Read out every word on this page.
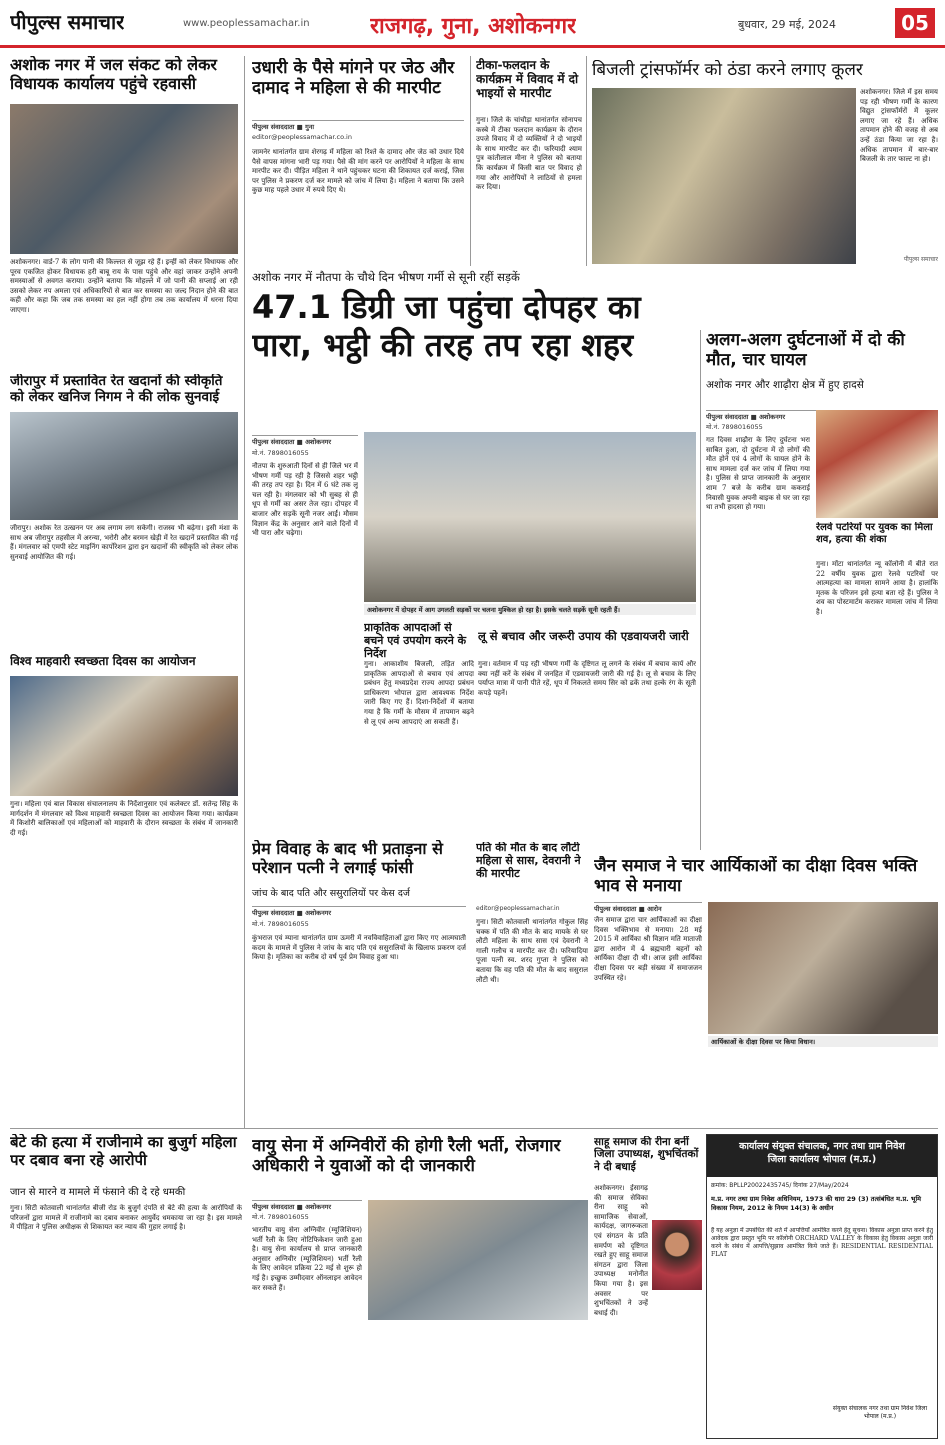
पीपुल्स समाचार	www.peoplessamachar.in	राजगढ़, गुना, अशोकनगर	बुधवार, 29 मई, 2024	05
अशोक नगर में जल संकट को लेकर विधायक कार्यालय पहुंचे रहवासी
अशोकनगर। वार्ड-7 के लोग पानी की किल्लत से जूझ रहे हैं। इन्हीं को लेकर विधायक और पूरव एकजित होकर विधायक हरी बाबू राय के पास पहुंचे और वहां जाकर उन्होंने अपनी समस्याओं से अवगत कराया। उन्होंने बताया कि मोहल्ले में जो पानी की सप्लाई आ रही उसको लेकर नप अमला एवं अधिकारियों से बात कर समस्या का जल्द निदान होने की बात कही और कहा कि जब तक समस्या का हल नहीं होगा तब तक कार्यालय में धरना दिया जाएगा।
उधारी के पैसे मांगने पर जेठ और दामाद ने महिला से की मारपीट
पीपुल्स संवाददाता ■ गुना
editor@peoplessamachar.co.in
जामनेर थानांतर्गत ग्राम शेरगढ़ में महिला को रिश्ते के दामाद और जेठ को उधार दिये पैसे वापस मांगना भारी पड़ गया। पैसे की मांग करने पर आरोपियों ने महिला के साथ मारपीट कर दी। पीड़ित महिला ने थाने पहुंचकर घटना की शिकायत दर्ज कराई, जिस पर पुलिस ने प्रकरण दर्ज कर मामले को जांच में लिया है। महिला ने बताया कि उसने कुछ माह पहले उधार में रुपये दिए थे।
टीका-फलदान के कार्यक्रम में विवाद में दो भाइयों से मारपीट
गुना। जिले के चांचौड़ा थानांतर्गत सोनापच कस्बे में टीका फलदान कार्यक्रम के दौरान उपजे विवाद में दो व्यक्तियों ने दो भाइयों के साथ मारपीट कर दी। फरियादी श्याम पुत्र कांतीलाल मीना ने पुलिस को बताया कि कार्यक्रम में किसी बात पर विवाद हो गया और आरोपियों ने लाठियों से हमला कर दिया।
बिजली ट्रांसफॉर्मर को ठंडा करने लगाए कूलर
अशोकनगर। जिले में इस समय पड़ रही भीषण गर्मी के कारण विद्युत ट्रांसफॉर्मरों में कूलर लगाए जा रहे हैं। अधिक तापमान होने की वजह से अब उन्हें ठंडा किया जा रहा है। अधिक तापमान में बार-बार बिजली के तार फाल्ट ना हो।
पीपुल्स समाचार
जीरापुर में प्रस्तावित रेत खदानों की स्वीकृति को लेकर खनिज निगम ने की लोक सुनवाई
जीरापुर। अशोक रेत उत्खनन पर अब लगाम लग सकेगी। राजस्व भी बढ़ेगा। इसी मंशा के साथ अब जीरापुर तहसील में अरन्या, भरोरी और बरमन खेड़ी में रेत खदानें प्रस्तावित की गई हैं। मंगलवार को एमपी स्टेट माइनिंग कार्पोरेशन द्वारा इन खदानों की स्वीकृति को लेकर लोक सुनवाई आयोजित की गई।
अशोक नगर में नौतपा के चौथे दिन भीषण गर्मी से सूनी रहीं सड़कें
47.1 डिग्री जा पहुंचा दोपहर का पारा, भट्ठी की तरह तप रहा शहर
पीपुल्स संवाददाता ■ अशोकनगर
मो.नं. 7898016055
नौतपा के शुरुआती दिनों से ही जिले भर में भीषण गर्मी पड़ रही है जिससे शहर भट्ठी की तरह तप रहा है। दिन में 6 घंटे तक लू चल रही है। मंगलवार को भी सुबह से ही धूप से गर्मी का असर तेज रहा। दोपहर में बाजार और सड़कें सूनी नजर आईं। मौसम विज्ञान केंद्र के अनुसार आने वाले दिनों में भी पारा और चढ़ेगा।
अशोकनगर में दोपहर में आग उगलती सड़कों पर चलना मुश्किल हो रहा है। इसके चलते सड़कें सूनी रहती हैं।
प्राकृतिक आपदाओं से बचने एवं उपयोग करने के निर्देश
गुना। आकाशीय बिजली, तड़ित आदि प्राकृतिक आपदाओं से बचाव एवं आपदा प्रबंधन हेतु मध्यप्रदेश राज्य आपदा प्रबंधन प्राधिकरण भोपाल द्वारा आवश्यक निर्देश जारी किए गए हैं। दिशा-निर्देशों में बताया गया है कि गर्मी के मौसम में तापमान बढ़ने से लू एवं अन्य आपदाएं आ सकती हैं।
लू से बचाव और जरूरी उपाय की एडवायजरी जारी
गुना। वर्तमान में पड़ रही भीषण गर्मी के दृष्टिगत लू लगने के संबंध में बचाव कार्य और क्या नहीं करें के संबंध में जनहित में एडवायजरी जारी की गई है। लू से बचाव के लिए पर्याप्त मात्रा में पानी पीते रहें, धूप में निकलते समय सिर को ढकें तथा हल्के रंग के सूती कपड़े पहनें।
अलग-अलग दुर्घटनाओं में दो की मौत, चार घायल
अशोक नगर और शाढ़ौरा क्षेत्र में हुए हादसे
पीपुल्स संवाददाता ■ अशोकनगर
मो.नं. 7898016055
गत दिवस शाढ़ौरा के लिए दुर्घटना भरा साबित हुआ, दो दुर्घटना में दो लोगों की मौत होने एवं 4 लोगों के घायल होने के साथ मामला दर्ज कर जांच में लिया गया है। पुलिस से प्राप्त जानकारी के अनुसार शाम 7 बजे के करीब ग्राम ककराई निवासी युवक अपनी बाइक से घर जा रहा था तभी हादसा हो गया।
रेलवे पटरियों पर युवक का मिला शव, हत्या की शंका
गुना। मोंटा थानांतर्गत न्यू कॉलोनी में बीते रात 22 वर्षीय युवक द्वारा रेलवे पटरियों पर आत्महत्या का मामला सामने आया है। हालांकि मृतक के परिजन इसे हत्या बता रहे हैं। पुलिस ने शव का पोस्टमार्टम कराकर मामला जांच में लिया है।
विश्व माहवारी स्वच्छता दिवस का आयोजन
गुना। महिला एवं बाल विकास संचालनालय के निर्देशानुसार एवं कलेक्टर डॉ. सतेन्द्र सिंह के मार्गदर्शन में मंगलवार को विश्व माहवारी स्वच्छता दिवस का आयोजन किया गया। कार्यक्रम में किशोरी बालिकाओं एवं महिलाओं को माहवारी के दौरान स्वच्छता के संबंध में जानकारी दी गई।
प्रेम विवाह के बाद भी प्रताड़ना से परेशान पत्नी ने लगाई फांसी
जांच के बाद पति और ससुरालियों पर केस दर्ज
पीपुल्स संवाददाता ■ अशोकनगर
मो.नं. 7898016055
कुंभराज एवं म्याना थानांतर्गत ग्राम ऊमरी में नवविवाहिताओं द्वारा किए गए आत्मघाती कदम के मामले में पुलिस ने जांच के बाद पति एवं ससुरालियों के खिलाफ प्रकरण दर्ज किया है। मृतिका का करीब दो वर्ष पूर्व प्रेम विवाह हुआ था।
पति की मौत के बाद लौटी महिला से सास, देवरानी ने की मारपीट
editor@peoplessamachar.in
गुना। सिटी कोतवाली थानांतर्गत गोकुल सिंह चक्क में पति की मौत के बाद मायके से घर लौटी महिला के साथ सास एवं देवरानी ने गाली गलौच व मारपीट कर दी। फरियादिया पूजा पत्नी स्व. शरद गुप्ता ने पुलिस को बताया कि वह पति की मौत के बाद ससुराल लौटी थी।
जैन समाज ने चार आर्यिकाओं का दीक्षा दिवस भक्ति भाव से मनाया
पीपुल्स संवाददाता ■ आरोन
जैन समाज द्वारा चार आर्यिकाओं का दीक्षा दिवस भक्तिभाव से मनाया। 28 मई 2015 में आर्यिका श्री विज्ञान मति माताजी द्वारा आरोन में 4 ब्रह्मचारी बहनों को आर्यिका दीक्षा दी थी। आज इसी आर्यिका दीक्षा दिवस पर बड़ी संख्या में समाजजन उपस्थित रहे।
आर्यिकाओं के दीक्षा दिवस पर किया विधान।
बेटे की हत्या में राजीनामे का बुजुर्ग महिला पर दबाव बना रहे आरोपी
जान से मारने व मामले में फंसाने की दे रहे धमकी
गुना। सिटी कोतवाली थानांतर्गत बीजी रोड के बुजुर्ग दंपति से बेटे की हत्या के आरोपियों के परिजनों द्वारा मामले में राजीनामे का दबाव बनाकर आयुर्वेद धमकाया जा रहा है। इस मामले में पीड़िता ने पुलिस अधीक्षक से शिकायत कर न्याय की गुहार लगाई है।
वायु सेना में अग्निवीरों की होगी रैली भर्ती, रोजगार अधिकारी ने युवाओं को दी जानकारी
पीपुल्स संवाददाता ■ अशोकनगर
मो.नं. 7898016055
भारतीय वायु सेना अग्निवीर (म्यूजिशियन) भर्ती रैली के लिए नोटिफिकेशन जारी हुआ है। वायु सेना कार्यालय से प्राप्त जानकारी अनुसार अग्निवीर (म्यूजिशियन) भर्ती रैली के लिए आवेदन प्रक्रिया 22 मई से शुरू हो गई है। इच्छुक उम्मीदवार ऑनलाइन आवेदन कर सकते हैं।
साहू समाज की रीना बनीं जिला उपाध्यक्ष, शुभचिंतकों ने दी बधाई
अशोकनगर। ईसागढ़ की समाज सेविका रीना साहू को सामाजिक सेवाओं, कार्यदक्ष, जागरूकता एवं संगठन के प्रति समर्पण को दृष्टिगत रखते हुए साहू समाज संगठन द्वारा जिला उपाध्यक्ष मनोनीत किया गया है। इस अवसर पर शुभचिंतकों ने उन्हें बधाई दी।
कार्यालय संयुक्त संचालक, नगर तथा ग्राम निवेश
जिला कार्यालय भोपाल (म.प्र.)
क्रमांक: BPLLP20022435745/ दिनांक 27/May/2024
म.प्र. नगर तथा ग्राम निवेश अधिनियम, 1973 की धारा 29 (3) तत्संबंधित म.प्र. भूमि विकास नियम, 2012 के नियम 14(3) के अधीन
हैं यह अनुज्ञा में उपबंधित की शर्त में आपत्तियाँ आमंत्रित करने हेतु सूचना। विकास अनुज्ञा प्राप्त करने हेतु आवेदक द्वारा प्रस्तुत भूमि पर कॉलोनी ORCHARD VALLEY के विकास हेतु विकास अनुज्ञा जारी करने के संबंध में आपत्ति/सुझाव आमंत्रित किये जाते हैं। RESIDENTIAL RESIDENTIAL FLAT
संयुक्त संचालक नगर तथा ग्राम निवेश जिला भोपाल (म.प्र.)
